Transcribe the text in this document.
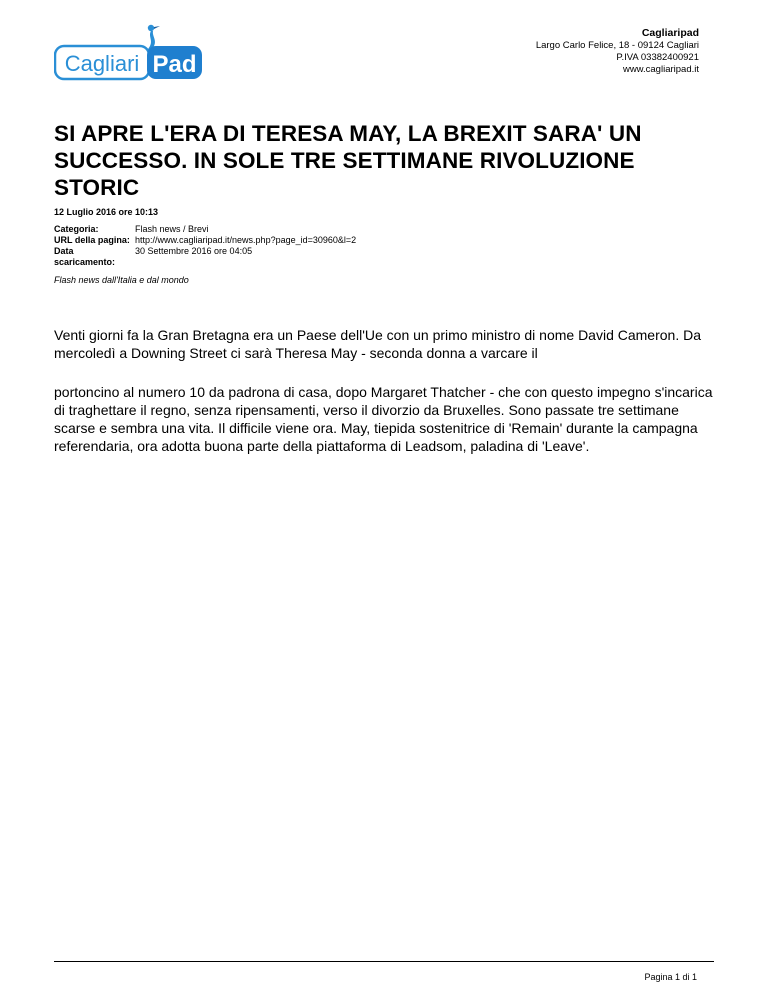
Cagliari Pad
Cagliaripad
Largo Carlo Felice, 18 - 09124 Cagliari
P.IVA 03382400921
www.cagliaripad.it
SI APRE L'ERA DI TERESA MAY, LA BREXIT SARA' UN SUCCESSO. IN SOLE TRE SETTIMANE RIVOLUZIONE STORIC
12 Luglio 2016 ore 10:13
Categoria:	Flash news / Brevi
URL della pagina:	http://www.cagliaripad.it/news.php?page_id=30960&l=2
Data scaricamento:	30 Settembre 2016 ore 04:05
Flash news dall'Italia e dal mondo

Venti giorni fa la Gran Bretagna era un Paese dell'Ue con un primo ministro di nome David Cameron. Da mercoledì a Downing Street ci sarà Theresa May - seconda donna a varcare il

portoncino al numero 10 da padrona di casa, dopo Margaret Thatcher - che con questo impegno s'incarica di traghettare il regno, senza ripensamenti, verso il divorzio da Bruxelles. Sono passate tre settimane scarse e sembra una vita. Il difficile viene ora. May, tiepida sostenitrice di 'Remain' durante la campagna referendaria, ora adotta buona parte della piattaforma di Leadsom, paladina di 'Leave'.

Pagina 1 di 1
